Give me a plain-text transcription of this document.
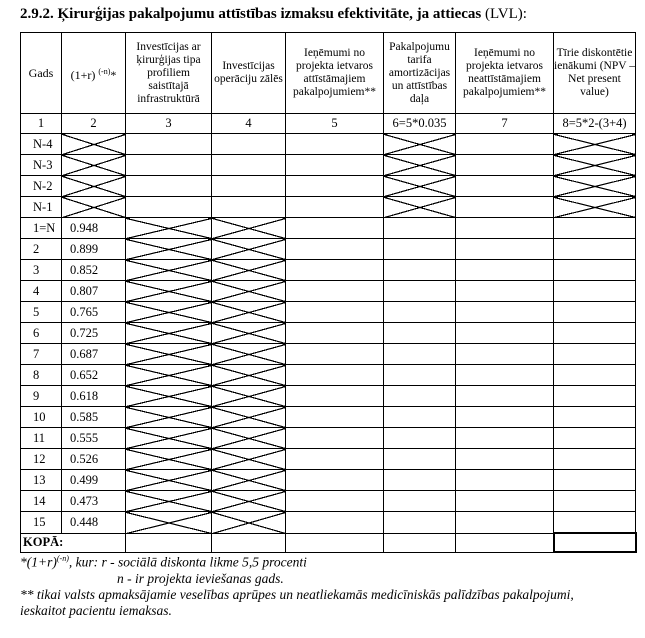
2.9.2. Ķirurģijas pakalpojumu attīstības izmaksu efektivitāte, ja attiecas (LVL):
Gads	(1+r) $^{(-n)}$*	Investīcijas ar ķirurģijas tipa profiliem saistītajā infrastruktūrā	Investīcijas operāciju zālēs	Ieņēmumi no projekta ietvaros attīstāmajiem pakalpojumiem**	Pakalpojumu tarifa amortizācijas un attīstības daļa	Ieņēmumi no projekta ietvaros neattīstāmajiem pakalpojumiem**	Tīrie diskontētie ienākumi (NPV – Net present value)
1	2	3	4	5	6=5*0.035	7	8=5*2-(3+4)
N-4							
N-3							
N-2							
N-1							
1=N	0.948						
2	0.899						
3	0.852						
4	0.807						
5	0.765						
6	0.725						
7	0.687						
8	0.652						
9	0.618						
10	0.585						
11	0.555						
12	0.526						
13	0.499						
14	0.473						
15	0.448						
KOPĀ:							
$*(1+r)^{(-n)}$, kur: r - sociālā diskonta likme 5,5 procenti
n - ir projekta ieviešanas gads.
** tikai valsts apmaksājamie veselības aprūpes un neatliekamās medicīniskās palīdzības pakalpojumi,
ieskaitot pacientu iemaksas.
